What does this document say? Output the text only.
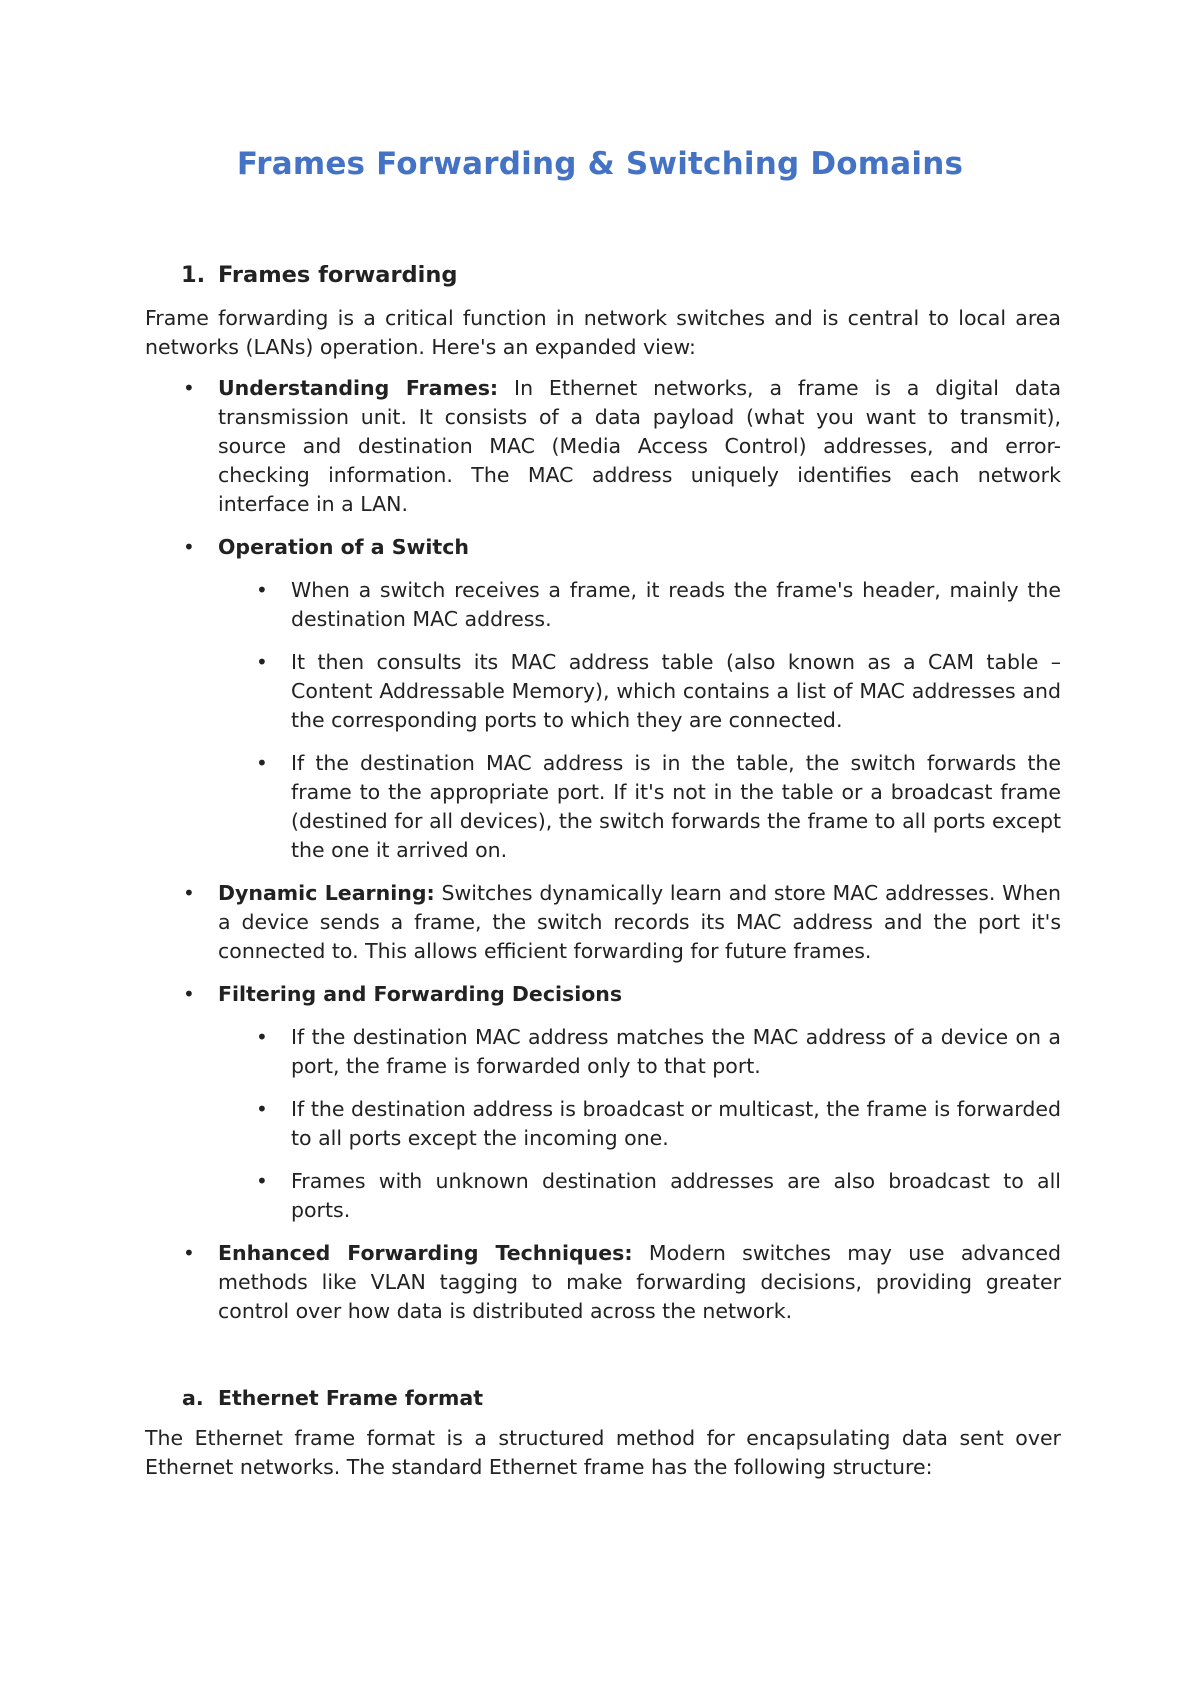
Frames Forwarding & Switching Domains
1. Frames forwarding

Frame forwarding is a critical function in network switches and is central to local area networks (LANs) operation. Here's an expanded view:

• Understanding Frames: In Ethernet networks, a frame is a digital data transmission unit. It consists of a data payload (what you want to transmit), source and destination MAC (Media Access Control) addresses, and error-checking information. The MAC address uniquely identifies each network interface in a LAN.
• Operation of a Switch
• When a switch receives a frame, it reads the frame's header, mainly the destination MAC address.
• It then consults its MAC address table (also known as a CAM table – Content Addressable Memory), which contains a list of MAC addresses and the corresponding ports to which they are connected.
• If the destination MAC address is in the table, the switch forwards the frame to the appropriate port. If it's not in the table or a broadcast frame (destined for all devices), the switch forwards the frame to all ports except the one it arrived on.
• Dynamic Learning: Switches dynamically learn and store MAC addresses. When a device sends a frame, the switch records its MAC address and the port it's connected to. This allows efficient forwarding for future frames.
• Filtering and Forwarding Decisions
• If the destination MAC address matches the MAC address of a device on a port, the frame is forwarded only to that port.
• If the destination address is broadcast or multicast, the frame is forwarded to all ports except the incoming one.
• Frames with unknown destination addresses are also broadcast to all ports.
• Enhanced Forwarding Techniques: Modern switches may use advanced methods like VLAN tagging to make forwarding decisions, providing greater control over how data is distributed across the network.
a. Ethernet Frame format

The Ethernet frame format is a structured method for encapsulating data sent over Ethernet networks. The standard Ethernet frame has the following structure:
